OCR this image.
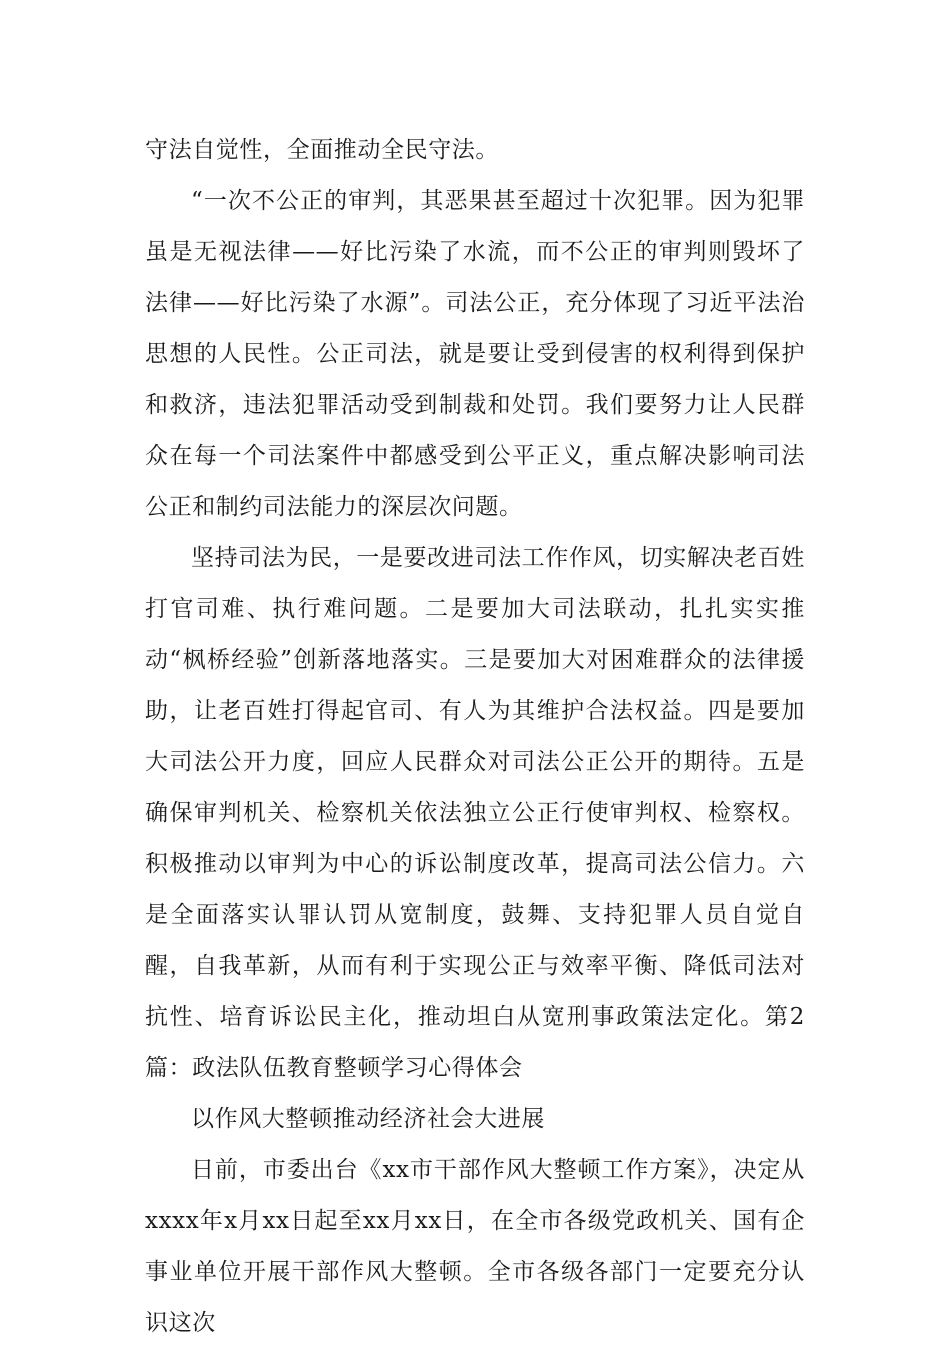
守法自觉性，全面推动全民守法。

“一次不公正的审判，其恶果甚至超过十次犯罪。因为犯罪虽是无视法律——好比污染了水流，而不公正的审判则毁坏了法律——好比污染了水源”。司法公正，充分体现了习近平法治思想的人民性。公正司法，就是要让受到侵害的权利得到保护和救济，违法犯罪活动受到制裁和处罚。我们要努力让人民群众在每一个司法案件中都感受到公平正义，重点解决影响司法公正和制约司法能力的深层次问题。

坚持司法为民，一是要改进司法工作作风，切实解决老百姓打官司难、执行难问题。二是要加大司法联动，扎扎实实推动“枫桥经验”创新落地落实。三是要加大对困难群众的法律援助，让老百姓打得起官司、有人为其维护合法权益。四是要加大司法公开力度，回应人民群众对司法公正公开的期待。五是确保审判机关、检察机关依法独立公正行使审判权、检察权。积极推动以审判为中心的诉讼制度改革，提高司法公信力。六是全面落实认罪认罚从宽制度，鼓舞、支持犯罪人员自觉自醒，自我革新，从而有利于实现公正与效率平衡、降低司法对抗性、培育诉讼民主化，推动坦白从宽刑事政策法定化。第2篇：政法队伍教育整顿学习心得体会

以作风大整顿推动经济社会大进展

日前，市委出台《xx市干部作风大整顿工作方案》，决定从xxxx年x月xx日起至xx月xx日，在全市各级党政机关、国有企事业单位开展干部作风大整顿。全市各级各部门一定要充分认识这次
